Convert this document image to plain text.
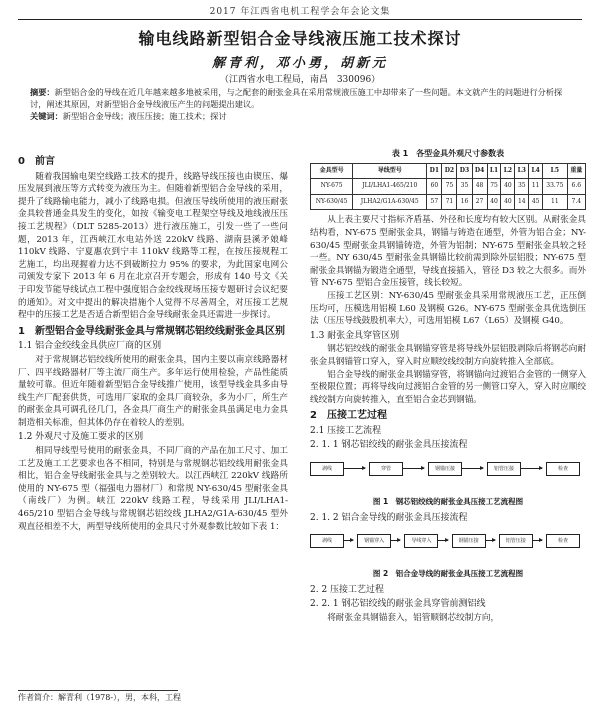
2017 年江西省电机工程学会年会论文集
输电线路新型铝合金导线液压施工技术探讨
解青利，邓小勇，胡新元
（江西省水电工程局，南昌　330096）
摘要：新型铝合金的导线在近几年越来越多地被采用，与之配套的耐张金具在采用常规液压施工中却带来了一些问题。本文就产生的问题进行分析探讨，阐述其原因，对新型铝合金导线液压产生的问题提出建议。
关键词：新型铝合金导线；液压压接；施工技术；探讨
0　前言

随着我国输电架空线路工技术的提升，线路导线压接也由锲压、爆压发展到液压等方式转变为液压为主。但随着新型铝合金导线的采用，提升了线路输电能力，减小了线路电损。但液压导线所使用的液压耐张金具较普通金具发生的变化，如按《输变电工程架空导线及地线液压压接工艺规程》（DLT 5285-2013）进行液压施工，引发一些了一些问题，2013 年，江西峡江水电站外送 220kV 线路、湖南县溪矛娘峰 110kV 线路、宁夏惠农到宁丰 110kV 线路等工程，在按压接规程工艺施工，均出现握着力达不到破断拉力 95% 的要求，为此国家电网公司颁发专家下 2013 年 6 月在北京召开专题会，形成有 140 号文《关于印发节能导线试点工程中强度铝合金绞线现场压接专题研讨会议纪要的通知》。对文中提出的解决措施个人觉得不尽善周全，对压接工艺规程中的压接工艺是否适合新型铝合金导线耐张金具还需进一步探讨。

1　新型铝合金导线耐张金具与常规钢芯铝绞线耐张金具区别
1.1 铝合金绞线金具供应厂商的区别

对于常规钢芯铝绞线所使用的耐张金具，国内主要以南京线路器材厂、四平线路器材厂等主流厂商生产。多年运行使用检验，产品性能质量较可靠。但近年随着新型铝合金导线推广使用，该型导线金具多由导线生产厂配套供货，可选用厂家取的金具厂商较杂，多为小厂，所生产的耐张金具可调孔径几门，各金具厂商生产的耐张金具虽满足电力金具制造相关标准，但其体仍存在着较人的差别。

1.2 外观尺寸及施工要求的区别

相同导线型号使用的耐张金具，不同厂商的产品在加工尺寸、加工工艺及施工工艺要求也各不相同，特别是与常规钢芯铝绞线用耐张金具相比，铝合金导线耐张金具与之差别较大。以江西峡江 220kV 线路所使用的 NY-675 型（福强电力器材厂）和常规 NY-630/45 型耐张金具（南线厂）为例。峡江 220kV 线路工程，导线采用 JLI/LHA1-465/210 型铝合金导线与常规钢芯铝绞线 JLHA2/G1A-630/45 型外观直径相差不大，两型导线所使用的金具尺寸外观参数比较如下表 1：

表 1　各型金具外观尺寸参数表
金具型号	导线型号	D1	D2	D3	D4	L1	L2	L3	L4	L5	重量
NY-675	JLI/LHA1-465/210	60	75	35	48	75	40	35	11	33.75	6.6
NY-630/45	JLHA2/G1A-630/45	57	71	16	27	40	40	14	45	11	7.4

从上表主要尺寸指标齐盾基、外径和长度均有较大区别。从耐张金具结构看，NY-675 型耐张金具，钢锚与铸造在通型，外管为铝合金；NY-630/45 型耐张金具钢锚铸造，外管为铝制；NY-675 型耐张金具较之轻一些。NY 630/45 型耐张金具钢锚比较前需到除外层铝股；NY-675 型耐张金具钢锚为锻造全通型，导线直接插入，管径 D3 较之大很多。而外管 NY-675 型铝合金压接管，线长较短。

压接工艺区别：NY-630/45 型耐张金具采用常规液压工艺，正压倒压均可，压模选用铝模 L60 及钢模 G26。NY-675 型耐张金具优选倒压法（压压导线鼓股机率大），可选用铝模 L67（L65）及钢模 G40。

1.3 耐张金具穿管区别

钢芯铝绞线的耐张金具钢锚穿管是将导线外层铝股剥除后将钢芯向耐张金具钢锚管口穿入，穿入时应顺绞线绞制方向旋转推入全部底。

铝合金导线的耐张金具钢锚穿管，将钢锚向过渡铝合金管的一侧穿入至极限位置；再将导线向过渡铝合金管的另一侧管口穿入，穿入时应顺绞线绞制方向旋转推入，直至铝合金芯到钢锚。

2　压接工艺过程
2.1 压接工艺流程
2. 1. 1 钢芯铝绞线的耐张金具压接流程
剥线	穿管	钢锚压接	铝管压接	检查
图 1　钢芯铝绞线的耐张金具压接工艺流程图
2. 1. 2 铝合金导线的耐张金具压接流程
剥线	钢锚穿入	导线穿入	钢锚压接	铝管压接	检查
图 2　铝合金导线的耐张金具压接工艺流程图
2. 2 压接工艺过程
2. 2. 1 钢芯铝绞线的耐张金具穿管前测铝线

将耐张金具钢锚套入，铝管顺钢芯绞制方向，

作者简介：解青利（1978-），男，本科，工程
